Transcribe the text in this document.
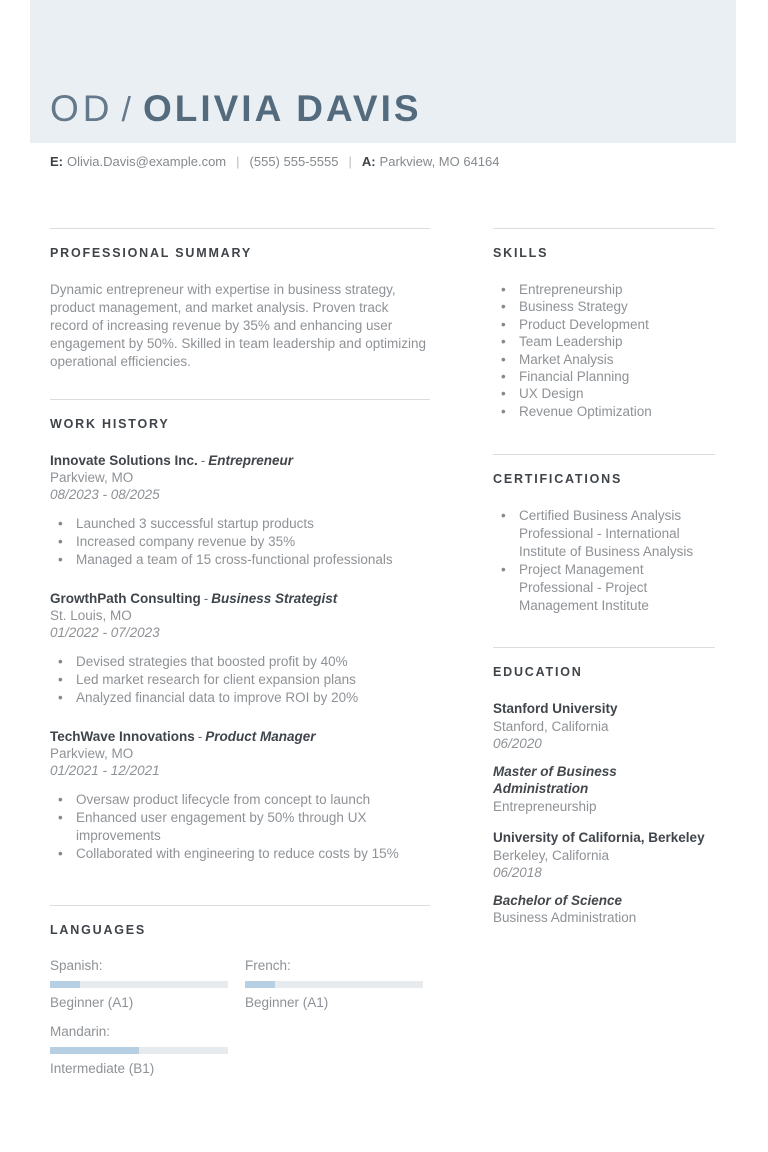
OD / OLIVIA DAVIS
E: Olivia.Davis@example.com | (555) 555-5555 | A: Parkview, MO 64164
PROFESSIONAL SUMMARY

Dynamic entrepreneur with expertise in business strategy, product management, and market analysis. Proven track record of increasing revenue by 35% and enhancing user engagement by 50%. Skilled in team leadership and optimizing operational efficiencies.

WORK HISTORY
Innovate Solutions Inc. - Entrepreneur
Parkview, MO
08/2023 - 08/2025
• Launched 3 successful startup products
• Increased company revenue by 35%
• Managed a team of 15 cross-functional professionals
GrowthPath Consulting - Business Strategist
St. Louis, MO
01/2022 - 07/2023
• Devised strategies that boosted profit by 40%
• Led market research for client expansion plans
• Analyzed financial data to improve ROI by 20%
TechWave Innovations - Product Manager
Parkview, MO
01/2021 - 12/2021
• Oversaw product lifecycle from concept to launch
• Enhanced user engagement by 50% through UX improvements
• Collaborated with engineering to reduce costs by 15%
LANGUAGES
Spanish:
Beginner (A1)
French:
Beginner (A1)
Mandarin:
Intermediate (B1)
SKILLS
• Entrepreneurship
• Business Strategy
• Product Development
• Team Leadership
• Market Analysis
• Financial Planning
• UX Design
• Revenue Optimization
CERTIFICATIONS
• Certified Business Analysis Professional - International Institute of Business Analysis
• Project Management Professional - Project Management Institute
EDUCATION
Stanford University
Stanford, California
06/2020
Master of Business Administration
Entrepreneurship
University of California, Berkeley
Berkeley, California
06/2018
Bachelor of Science
Business Administration
